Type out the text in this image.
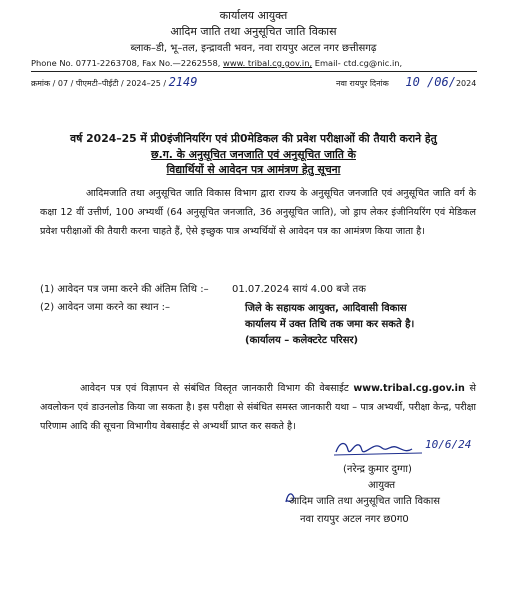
कार्यालय आयुक्त
आदिम जाति तथा अनुसूचित जाति विकास
ब्लाक–डी, भू–तल, इन्द्रावती भवन, नवा रायपुर अटल नगर छत्तीसगढ़
Phone No. 0771-2263708, Fax No.—2262558, www. tribal.cg.gov.in, Email- ctd.cg@nic.in,
क्रमांक / 07 / पीएमटी–पीईटी / 2024–25 / 2149	नवा रायपुर दिनांक 10 /06/2024
वर्ष 2024–25 में प्री0इंजीनियरिंग एवं प्री0मेडिकल की प्रवेश परीक्षाओं की तैयारी कराने हेतु
छ.ग. के अनुसूचित जनजाति एवं अनुसूचित जाति के
विद्यार्थियों से आवेदन पत्र आमंत्रण हेतु सूचना
आदिमजाति तथा अनुसूचित जाति विकास विभाग द्वारा राज्य के अनुसूचित जनजाति एवं अनुसूचित जाति वर्ग के कक्षा 12 वीं उत्तीर्ण, 100 अभ्यर्थी (64 अनुसूचित जनजाति, 36 अनुसूचित जाति), जो ड्राप लेकर इंजीनियरिंग एवं मेडिकल प्रवेश परीक्षाओं की तैयारी करना चाहते हैं, ऐसे इच्छुक पात्र अभ्यर्थियों से आवेदन पत्र का आमंत्रण किया जाता है।
(1) आवेदन पत्र जमा करने की अंतिम तिथि :– 01.07.2024 सायं 4.00 बजे तक
(2) आवेदन जमा करने का स्थान :–	जिले के सहायक आयुक्त, आदिवासी विकास
कार्यालय में उक्त तिथि तक जमा कर सकते है।
(कार्यालय – कलेक्टरेट परिसर)
आवेदन पत्र एवं विज्ञापन से संबंधित विस्तृत जानकारी विभाग की वेबसाईट www.tribal.cg.gov.in से अवलोकन एवं डाउनलोड किया जा सकता है। इस परीक्षा से संबंधित समस्त जानकारी यथा – पात्र अभ्यर्थी, परीक्षा केन्द्र, परीक्षा परिणाम आदि की सूचना विभागीय वेबसाईट से अभ्यर्थी प्राप्त कर सकते है।
10/6/24
(नरेन्द्र कुमार दुग्गा)
आयुक्त
आदिम जाति तथा अनुसूचित जाति विकास
नवा रायपुर अटल नगर छ0ग0
